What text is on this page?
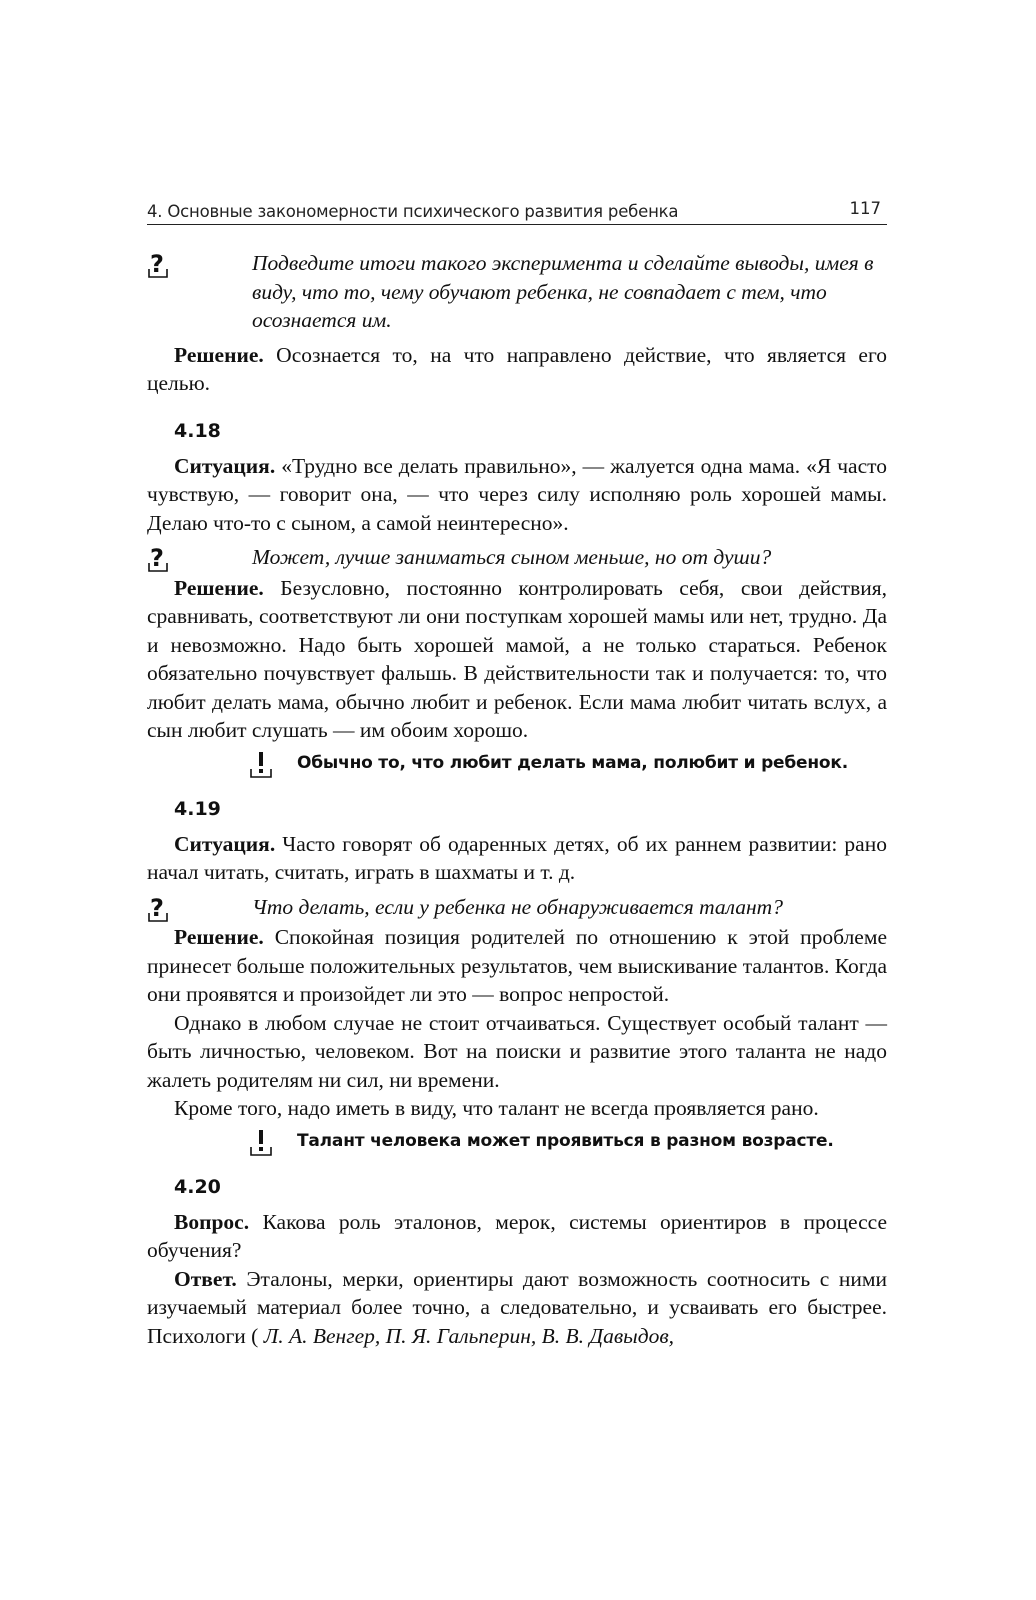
4. Основные закономерности психического развития ребенка	117
?	Подведите итоги такого эксперимента и сделайте выводы, имея в виду, что то, чему обучают ребенка, не совпадает с тем, что осознается им.

Решение. Осознается то, на что направлено действие, что является его целью.

4.18

Ситуация. «Трудно все делать правильно», — жалуется одна мама. «Я часто чувствую, — говорит она, — что через силу исполняю роль хорошей мамы. Делаю что-то с сыном, а самой неинтересно».

?	Может, лучше заниматься сыном меньше, но от души?

Решение. Безусловно, постоянно контролировать себя, свои действия, сравнивать, соответствуют ли они поступкам хорошей мамы или нет, трудно. Да и невозможно. Надо быть хорошей мамой, а не только стараться. Ребенок обязательно почувствует фальшь. В действительности так и получается: то, что любит делать мама, обычно любит и ребенок. Если мама любит читать вслух, а сын любит слушать — им обоим хорошо.

Обычно то, что любит делать мама, полюбит и ребенок.

4.19

Ситуация. Часто говорят об одаренных детях, об их раннем развитии: рано начал читать, считать, играть в шахматы и т. д.

?	Что делать, если у ребенка не обнаруживается талант?

Решение. Спокойная позиция родителей по отношению к этой проблеме принесет больше положительных результатов, чем выискивание талантов. Когда они проявятся и произойдет ли это — вопрос непростой.

Однако в любом случае не стоит отчаиваться. Существует особый талант — быть личностью, человеком. Вот на поиски и развитие этого таланта не надо жалеть родителям ни сил, ни времени.

Кроме того, надо иметь в виду, что талант не всегда проявляется рано.

Талант человека может проявиться в разном возрасте.

4.20

Вопрос. Какова роль эталонов, мерок, системы ориентиров в процессе обучения?

Ответ. Эталоны, мерки, ориентиры дают возможность соотносить с ними изучаемый материал более точно, а следовательно, и усваивать его быстрее. Психологи ( Л. А. Венгер, П. Я. Гальперин, В. В. Давыдов,
